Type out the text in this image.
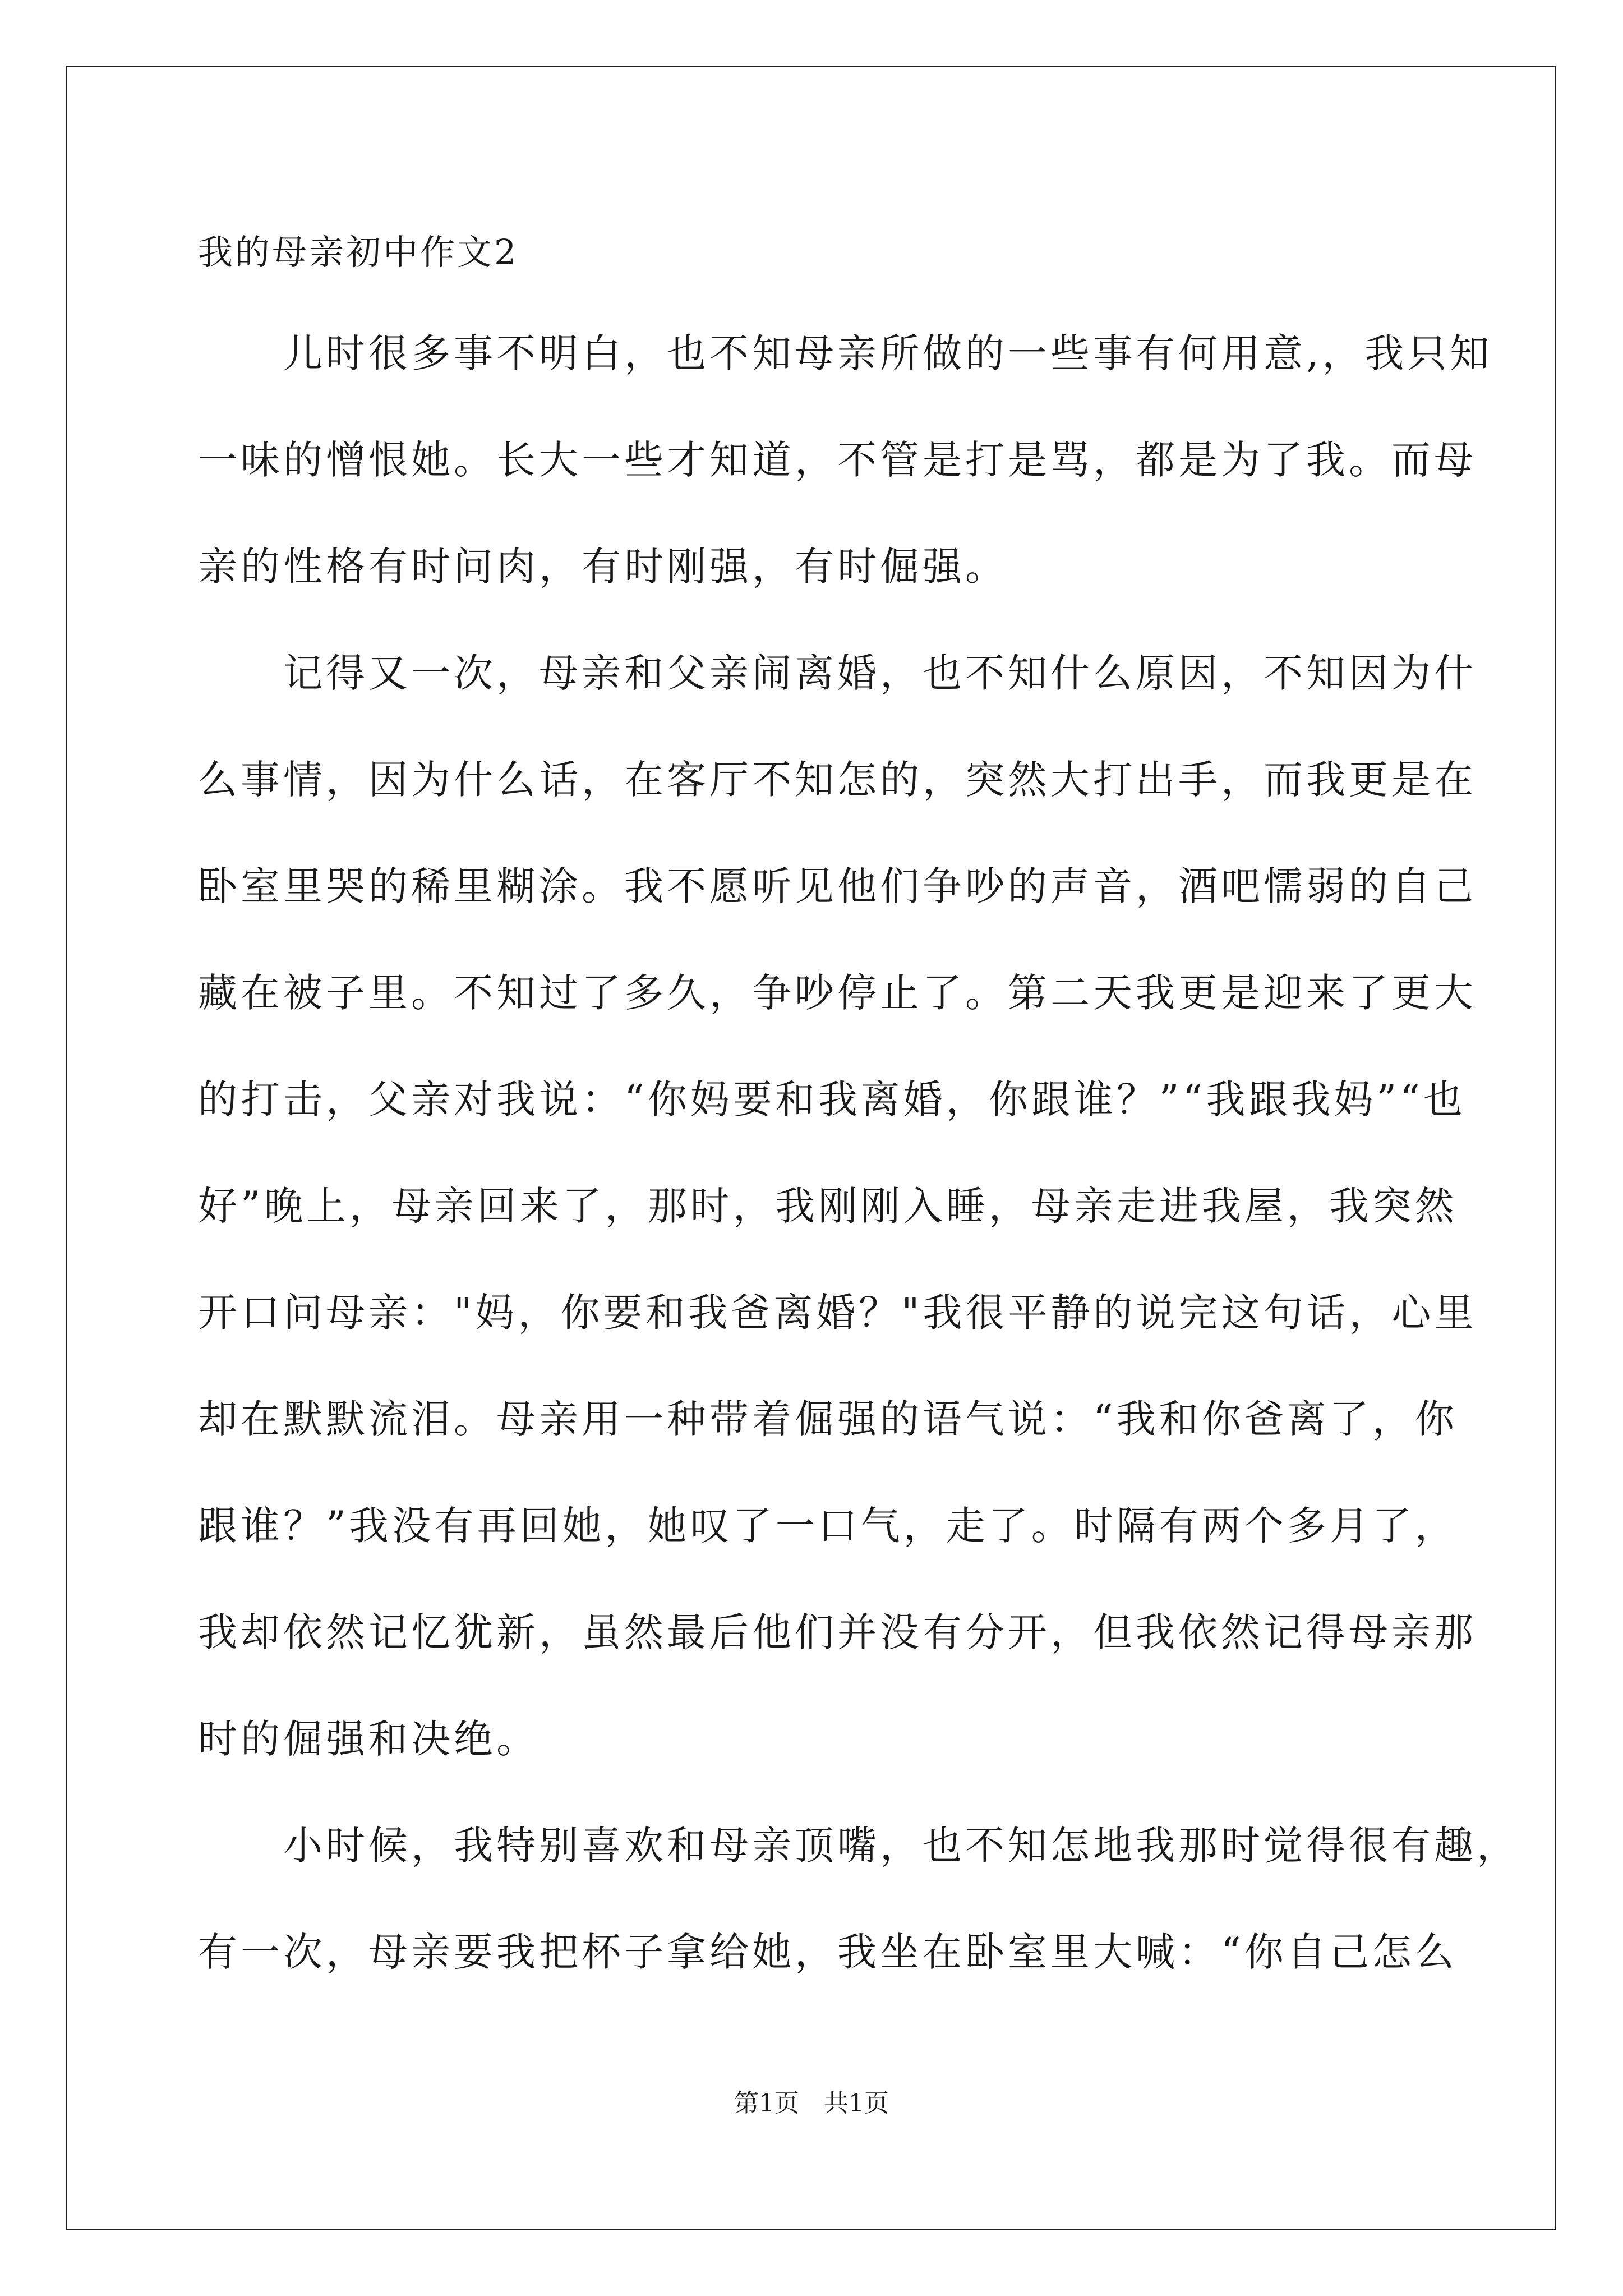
我的母亲初中作文2

　　儿时很多事不明白，也不知母亲所做的一些事有何用意,，我只知

一味的憎恨她。长大一些才知道，不管是打是骂，都是为了我。而母

亲的性格有时问肉，有时刚强，有时倔强。

　　记得又一次，母亲和父亲闹离婚，也不知什么原因，不知因为什

么事情，因为什么话，在客厅不知怎的，突然大打出手，而我更是在

卧室里哭的稀里糊涂。我不愿听见他们争吵的声音，酒吧懦弱的自己

藏在被子里。不知过了多久，争吵停止了。第二天我更是迎来了更大

的打击，父亲对我说：“你妈要和我离婚，你跟谁？”“我跟我妈”“也

好”晚上，母亲回来了，那时，我刚刚入睡，母亲走进我屋，我突然

开口问母亲："妈，你要和我爸离婚？"我很平静的说完这句话，心里

却在默默流泪。母亲用一种带着倔强的语气说：“我和你爸离了，你

跟谁？”我没有再回她，她叹了一口气，走了。时隔有两个多月了，

我却依然记忆犹新，虽然最后他们并没有分开，但我依然记得母亲那

时的倔强和决绝。

　　小时候，我特别喜欢和母亲顶嘴，也不知怎地我那时觉得很有趣，

有一次，母亲要我把杯子拿给她，我坐在卧室里大喊：“你自己怎么

第1页　共1页
